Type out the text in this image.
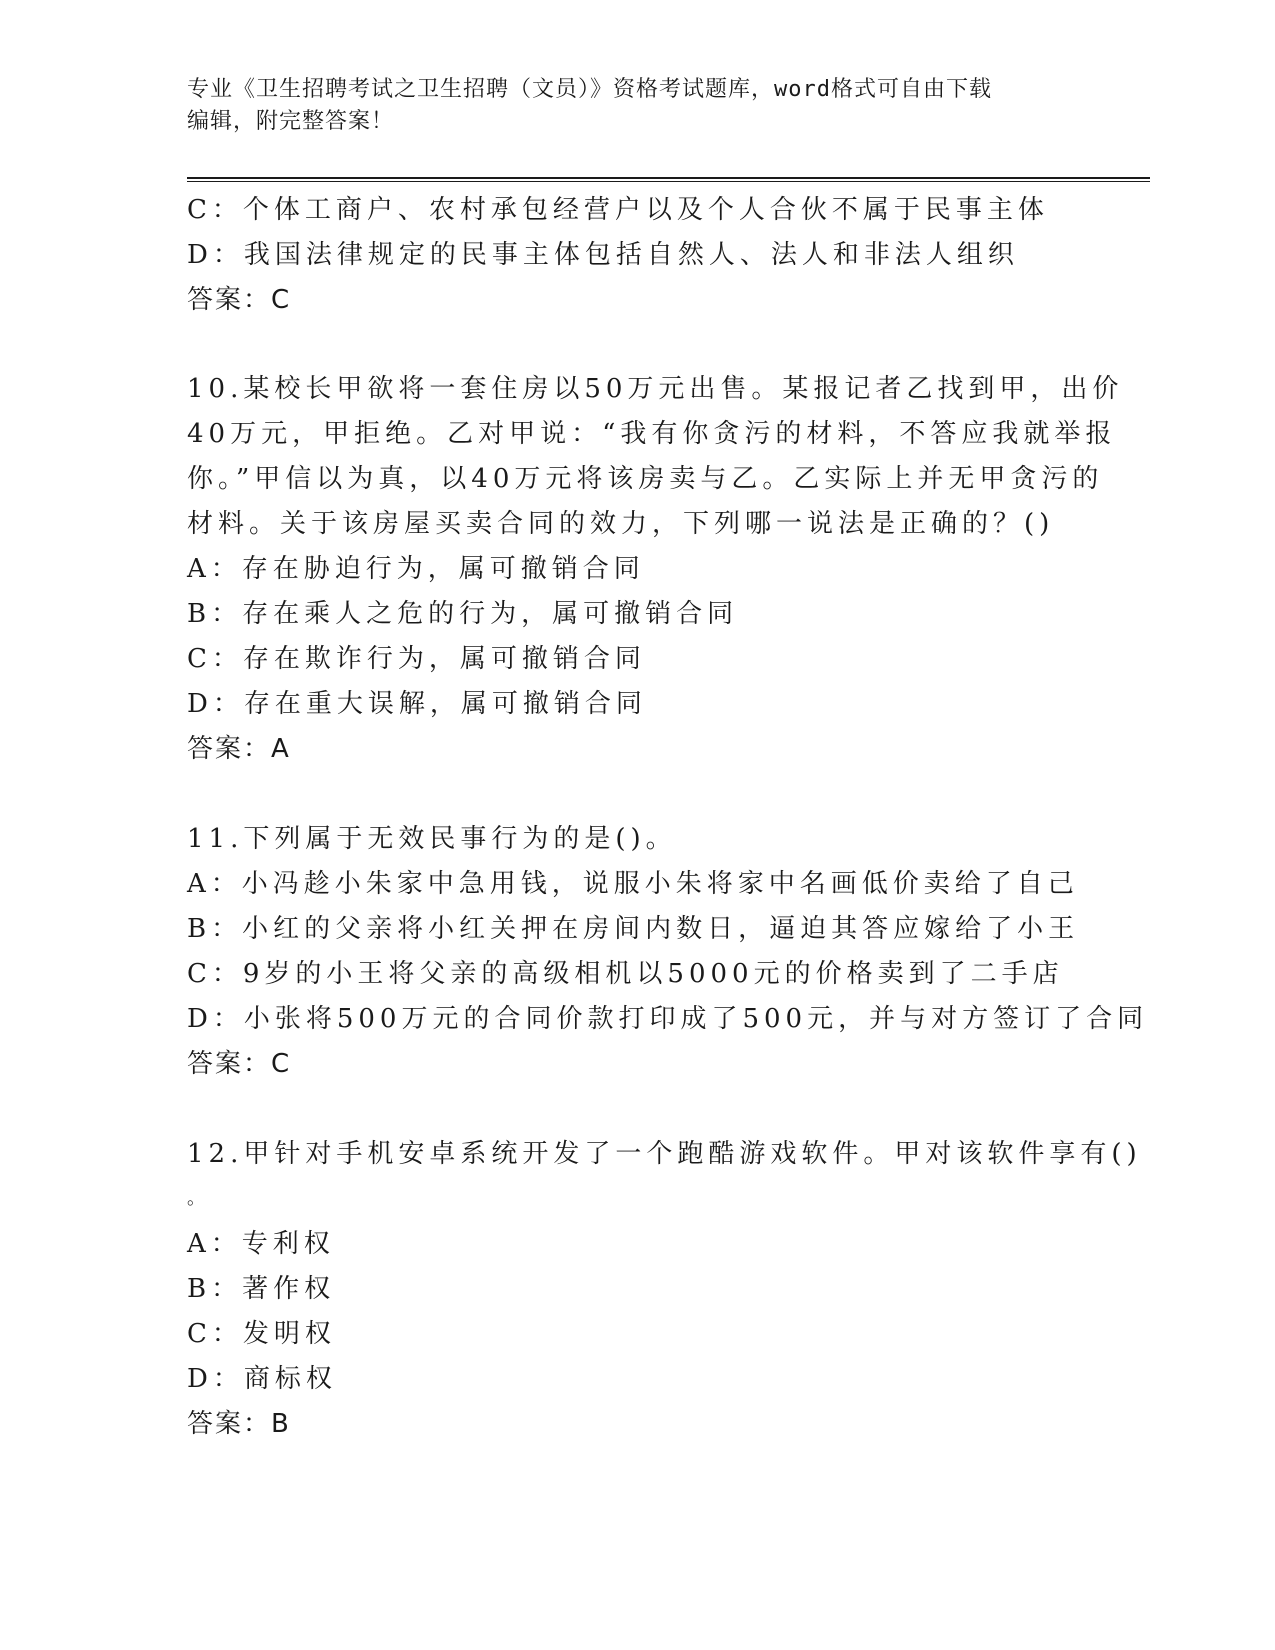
专业《卫生招聘考试之卫生招聘（文员）》资格考试题库，word格式可自由下载
编辑，附完整答案！
C：个体工商户、农村承包经营户以及个人合伙不属于民事主体
D：我国法律规定的民事主体包括自然人、法人和非法人组织
答案：C
10.某校长甲欲将一套住房以50万元出售。某报记者乙找到甲，出价
40万元，甲拒绝。乙对甲说：“我有你贪污的材料，不答应我就举报
你。”甲信以为真，以40万元将该房卖与乙。乙实际上并无甲贪污的
材料。关于该房屋买卖合同的效力，下列哪一说法是正确的？()
A：存在胁迫行为，属可撤销合同
B：存在乘人之危的行为，属可撤销合同
C：存在欺诈行为，属可撤销合同
D：存在重大误解，属可撤销合同
答案：A
11.下列属于无效民事行为的是()。
A：小冯趁小朱家中急用钱，说服小朱将家中名画低价卖给了自己
B：小红的父亲将小红关押在房间内数日，逼迫其答应嫁给了小王
C：9岁的小王将父亲的高级相机以5000元的价格卖到了二手店
D：小张将500万元的合同价款打印成了500元，并与对方签订了合同
答案：C
12.甲针对手机安卓系统开发了一个跑酷游戏软件。甲对该软件享有()
。
A：专利权
B：著作权
C：发明权
D：商标权
答案：B
